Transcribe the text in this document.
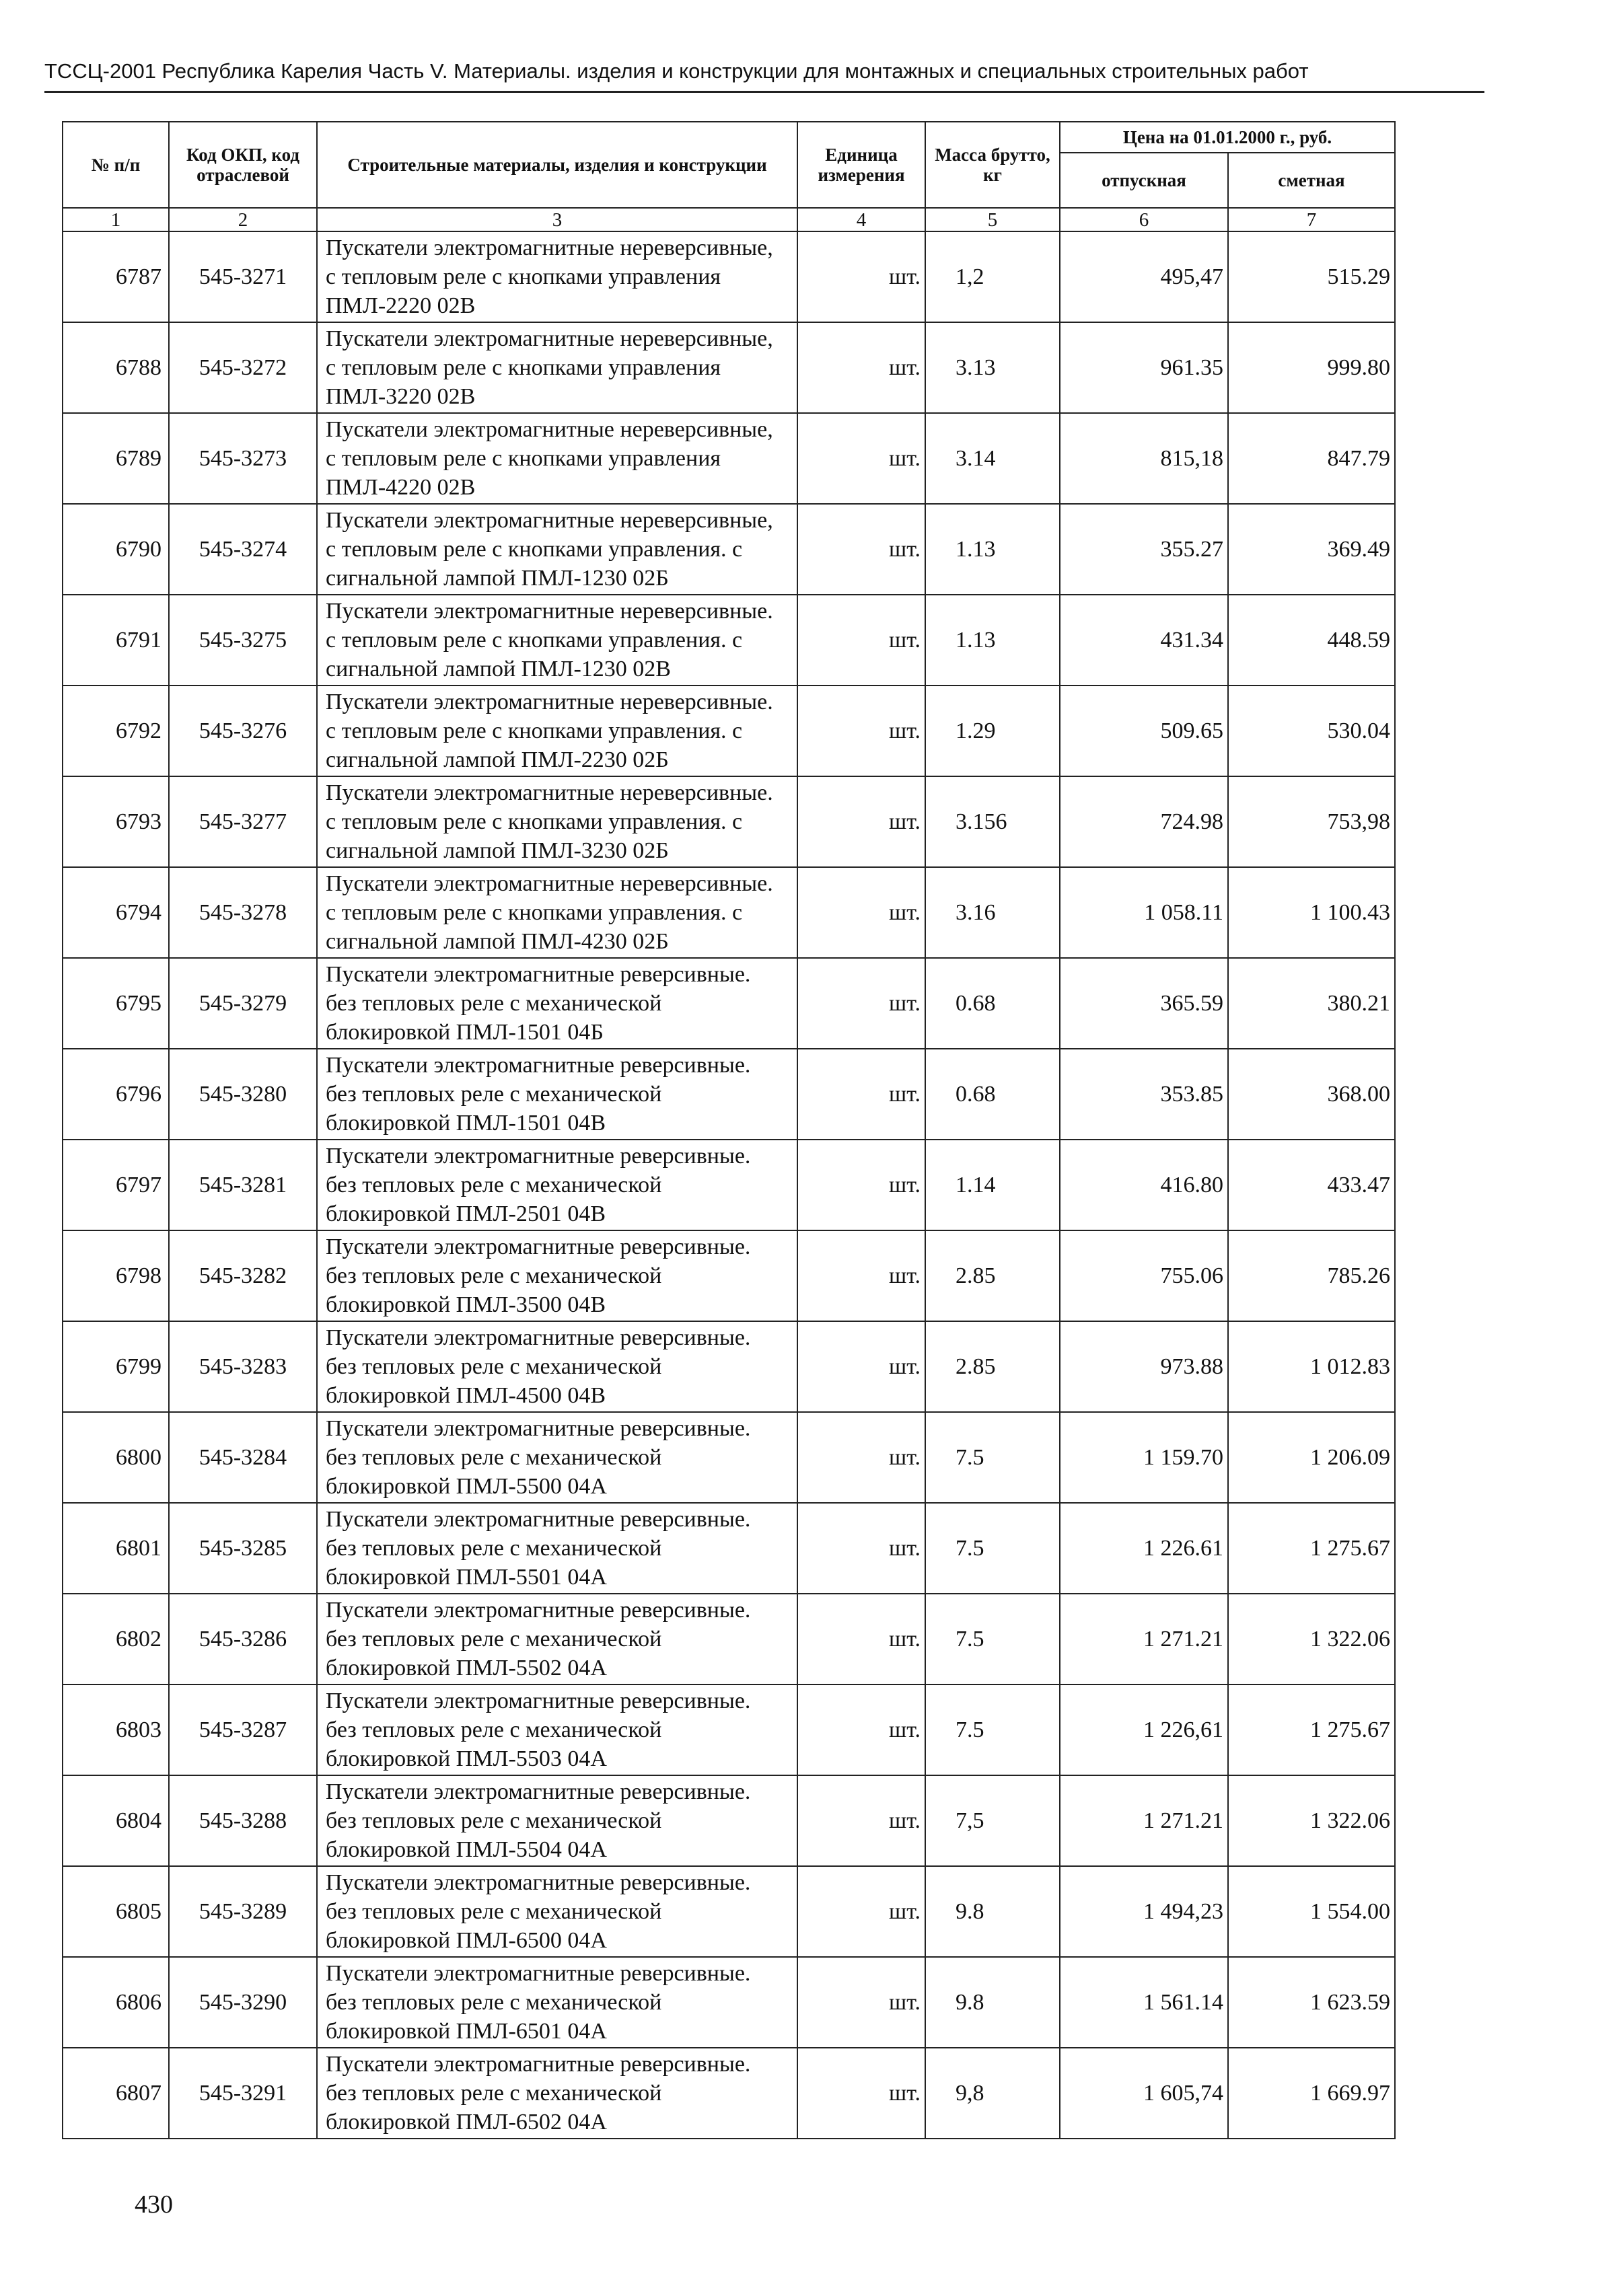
ТССЦ-2001 Республика Карелия Часть V. Материалы. изделия и конструкции для монтажных и специальных строительных работ
№ п/п	Код ОКП, код отраслевой	Строительные материалы, изделия и конструкции	Единица измерения	Масса брутто, кг	Цена на 01.01.2000 г., руб.	
					отпускная	сметная
1	2	3	4	5	6	7
6787	545-3271	Пускатели электромагнитные нереверсивные,
с тепловым реле с кнопками управления
ПМЛ-2220 02В	шт.	1,2	495,47	515.29
6788	545-3272	Пускатели электромагнитные нереверсивные,
с тепловым реле с кнопками управления
ПМЛ-3220 02В	шт.	3.13	961.35	999.80
6789	545-3273	Пускатели электромагнитные нереверсивные,
с тепловым реле с кнопками управления
ПМЛ-4220 02В	шт.	3.14	815,18	847.79
6790	545-3274	Пускатели электромагнитные нереверсивные,
с тепловым реле с кнопками управления. с
сигнальной лампой ПМЛ-1230 02Б	шт.	1.13	355.27	369.49
6791	545-3275	Пускатели электромагнитные нереверсивные.
с тепловым реле с кнопками управления. с
сигнальной лампой ПМЛ-1230 02В	шт.	1.13	431.34	448.59
6792	545-3276	Пускатели электромагнитные нереверсивные.
с тепловым реле с кнопками управления. с
сигнальной лампой ПМЛ-2230 02Б	шт.	1.29	509.65	530.04
6793	545-3277	Пускатели электромагнитные нереверсивные.
с тепловым реле с кнопками управления. с
сигнальной лампой ПМЛ-3230 02Б	шт.	3.156	724.98	753,98
6794	545-3278	Пускатели электромагнитные нереверсивные.
с тепловым реле с кнопками управления. с
сигнальной лампой ПМЛ-4230 02Б	шт.	3.16	1 058.11	1 100.43
6795	545-3279	Пускатели электромагнитные реверсивные.
без тепловых реле с механической
блокировкой ПМЛ-1501 04Б	шт.	0.68	365.59	380.21
6796	545-3280	Пускатели электромагнитные реверсивные.
без тепловых реле с механической
блокировкой ПМЛ-1501 04В	шт.	0.68	353.85	368.00
6797	545-3281	Пускатели электромагнитные реверсивные.
без тепловых реле с механической
блокировкой ПМЛ-2501 04В	шт.	1.14	416.80	433.47
6798	545-3282	Пускатели электромагнитные реверсивные.
без тепловых реле с механической
блокировкой ПМЛ-3500 04В	шт.	2.85	755.06	785.26
6799	545-3283	Пускатели электромагнитные реверсивные.
без тепловых реле с механической
блокировкой ПМЛ-4500 04В	шт.	2.85	973.88	1 012.83
6800	545-3284	Пускатели электромагнитные реверсивные.
без тепловых реле с механической
блокировкой ПМЛ-5500 04А	шт.	7.5	1 159.70	1 206.09
6801	545-3285	Пускатели электромагнитные реверсивные.
без тепловых реле с механической
блокировкой ПМЛ-5501 04А	шт.	7.5	1 226.61	1 275.67
6802	545-3286	Пускатели электромагнитные реверсивные.
без тепловых реле с механической
блокировкой ПМЛ-5502 04А	шт.	7.5	1 271.21	1 322.06
6803	545-3287	Пускатели электромагнитные реверсивные.
без тепловых реле с механической
блокировкой ПМЛ-5503 04А	шт.	7.5	1 226,61	1 275.67
6804	545-3288	Пускатели электромагнитные реверсивные.
без тепловых реле с механической
блокировкой ПМЛ-5504 04А	шт.	7,5	1 271.21	1 322.06
6805	545-3289	Пускатели электромагнитные реверсивные.
без тепловых реле с механической
блокировкой ПМЛ-6500 04А	шт.	9.8	1 494,23	1 554.00
6806	545-3290	Пускатели электромагнитные реверсивные.
без тепловых реле с механической
блокировкой ПМЛ-6501 04А	шт.	9.8	1 561.14	1 623.59
6807	545-3291	Пускатели электромагнитные реверсивные.
без тепловых реле с механической
блокировкой ПМЛ-6502 04А	шт.	9,8	1 605,74	1 669.97
430
